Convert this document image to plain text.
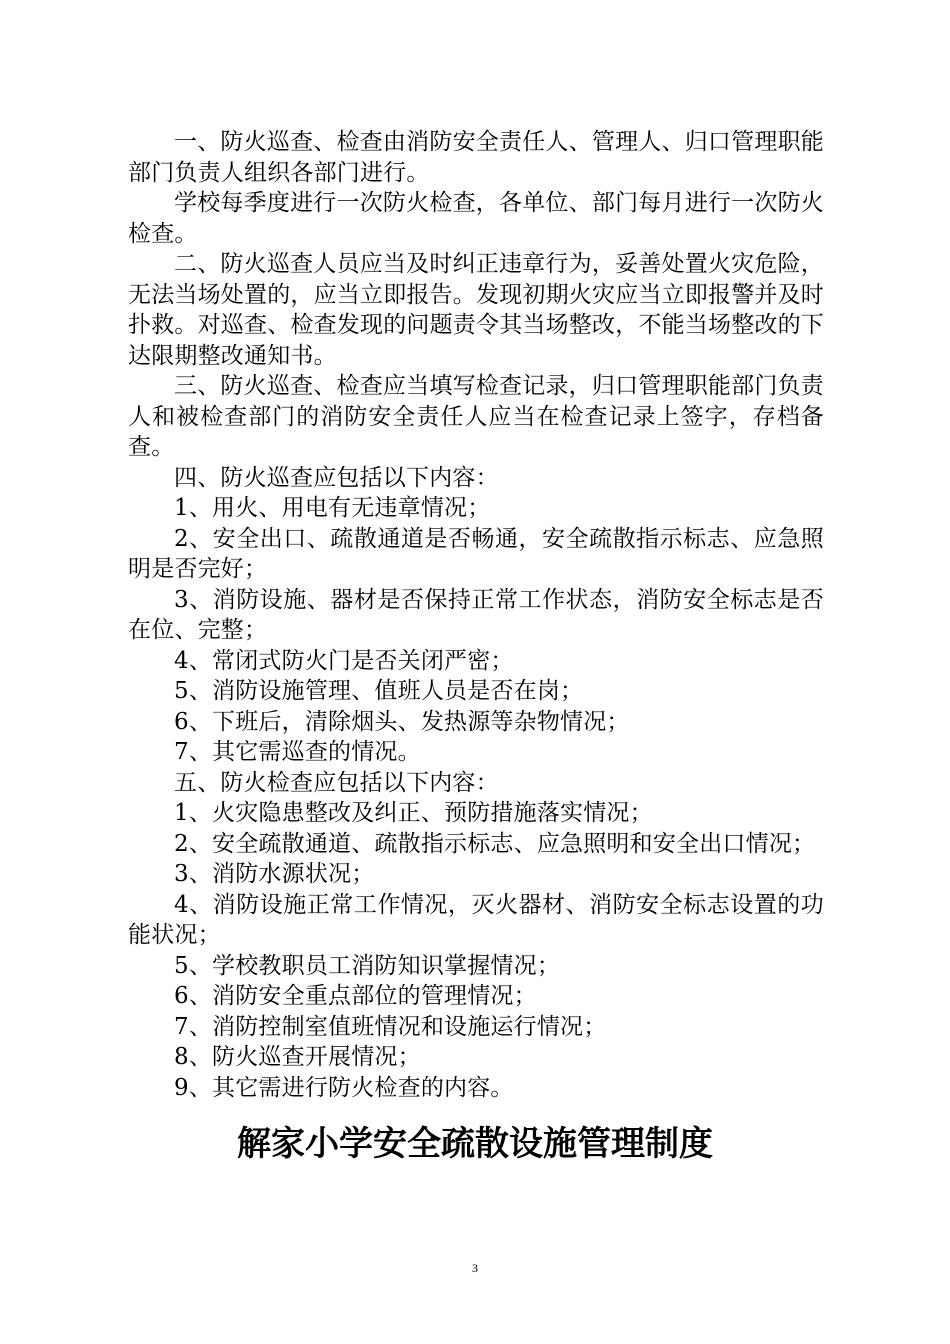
一、防火巡查、检查由消防安全责任人、管理人、归口管理职能部门负责人组织各部门进行。

学校每季度进行一次防火检查，各单位、部门每月进行一次防火检查。

二、防火巡查人员应当及时纠正违章行为，妥善处置火灾危险，无法当场处置的，应当立即报告。发现初期火灾应当立即报警并及时扑救。对巡查、检查发现的问题责令其当场整改，不能当场整改的下达限期整改通知书。

三、防火巡查、检查应当填写检查记录，归口管理职能部门负责人和被检查部门的消防安全责任人应当在检查记录上签字，存档备查。

四、防火巡查应包括以下内容：

1、用火、用电有无违章情况；

2、安全出口、疏散通道是否畅通，安全疏散指示标志、应急照明是否完好；

3、消防设施、器材是否保持正常工作状态，消防安全标志是否在位、完整；

4、常闭式防火门是否关闭严密；

5、消防设施管理、值班人员是否在岗；

6、下班后，清除烟头、发热源等杂物情况；

7、其它需巡查的情况。

五、防火检查应包括以下内容：

1、火灾隐患整改及纠正、预防措施落实情况；

2、安全疏散通道、疏散指示标志、应急照明和安全出口情况；

3、消防水源状况；

4、消防设施正常工作情况，灭火器材、消防安全标志设置的功能状况；

5、学校教职员工消防知识掌握情况；

6、消防安全重点部位的管理情况；

7、消防控制室值班情况和设施运行情况；

8、防火巡查开展情况；

9、其它需进行防火检查的内容。

解家小学安全疏散设施管理制度
3
